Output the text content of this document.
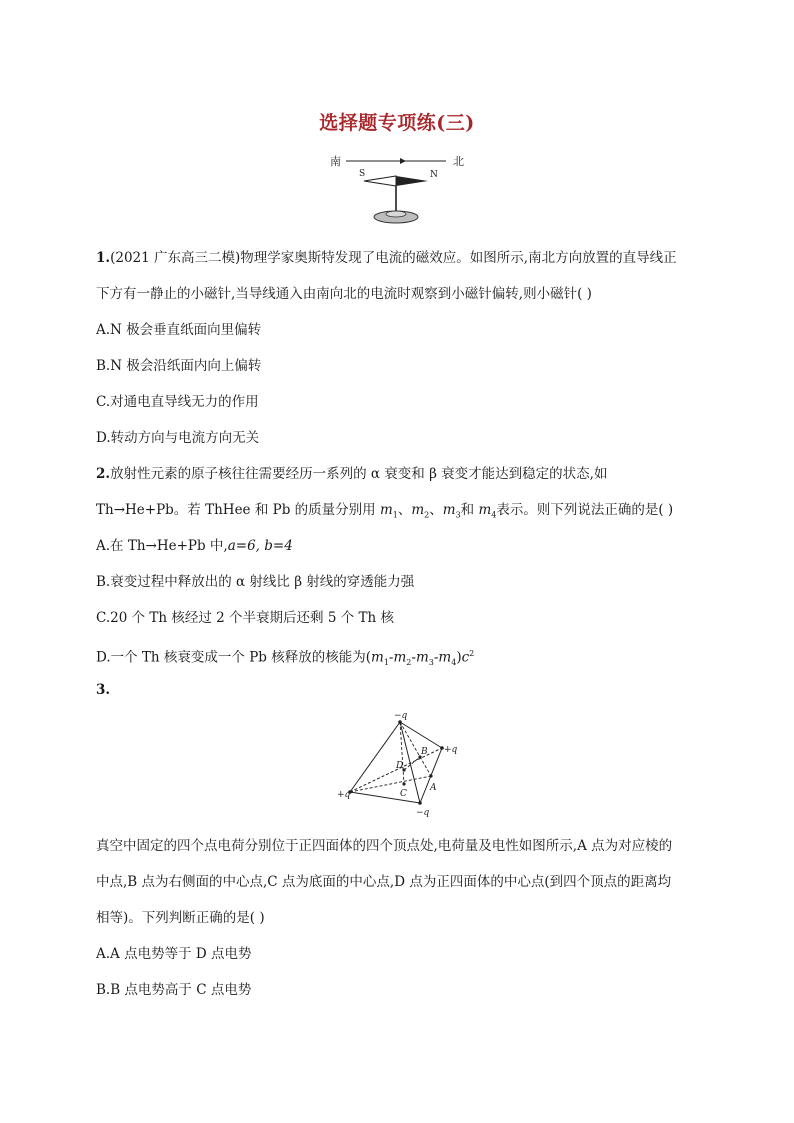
选择题专项练(三)
南	北
S	N
1.(2021 广东高三二模)物理学家奥斯特发现了电流的磁效应。如图所示,南北方向放置的直导线正
下方有一静止的小磁针,当导线通入由南向北的电流时观察到小磁针偏转,则小磁针( )
A.N 极会垂直纸面向里偏转
B.N 极会沿纸面内向上偏转
C.对通电直导线无力的作用
D.转动方向与电流方向无关
2.放射性元素的原子核往往需要经历一系列的 α 衰变和 β 衰变才能达到稳定的状态,如
Th→He+Pb。若 ThHee 和 Pb 的质量分别用 $m_1$、$m_2$、$m_3$和 $m_4$表示。则下列说法正确的是( )
A.在 Th→He+Pb 中,a=6, b=4
B.衰变过程中释放出的 α 射线比 β 射线的穿透能力强
C.20 个 Th 核经过 2 个半衰期后还剩 5 个 Th 核
D.一个 Th 核衰变成一个 Pb 核释放的核能为$(m_1-m_2-m_3-m_4)c^2$
3.
−q
+q
+q
−q
A
B
C
D
真空中固定的四个点电荷分别位于正四面体的四个顶点处,电荷量及电性如图所示,A 点为对应棱的
中点,B 点为右侧面的中心点,C 点为底面的中心点,D 点为正四面体的中心点(到四个顶点的距离均
相等)。下列判断正确的是( )
A.A 点电势等于 D 点电势
B.B 点电势高于 C 点电势
